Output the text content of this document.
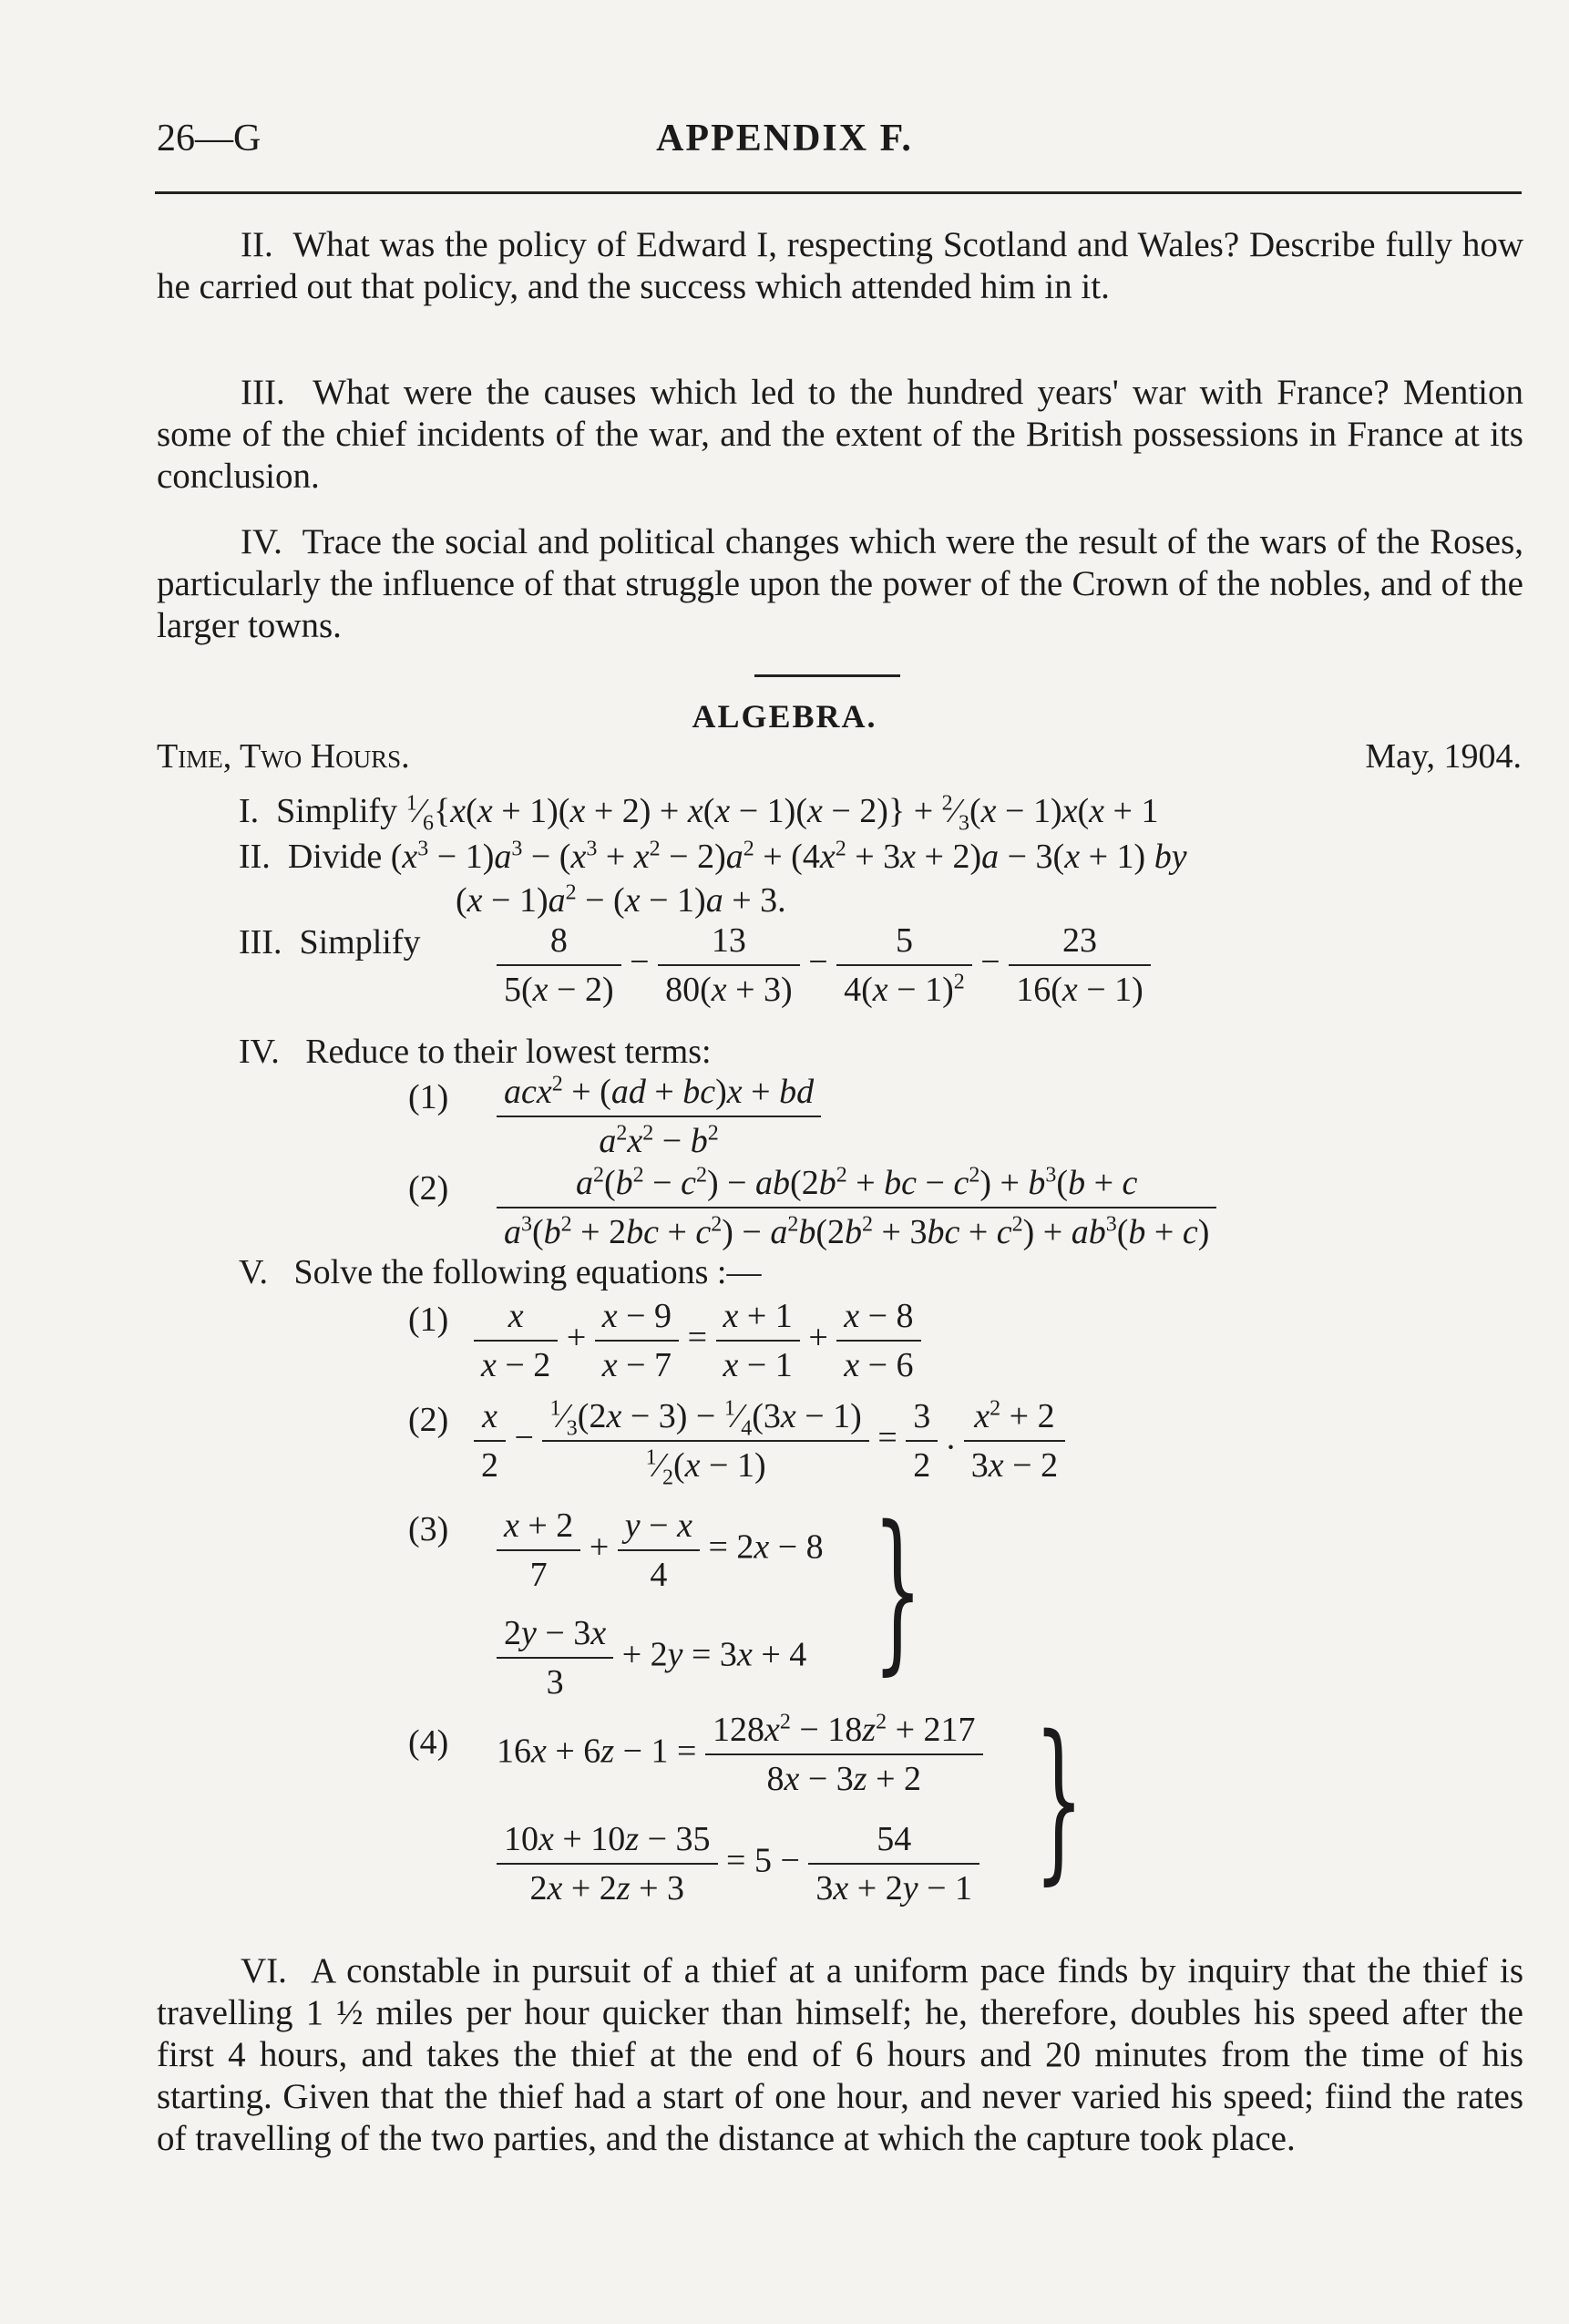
26—G	APPENDIX F.
II. What was the policy of Edward I, respecting Scotland and Wales? Describe fully how he carried out that policy, and the success which attended him in it.
III. What were the causes which led to the hundred years' war with France? Mention some of the chief incidents of the war, and the extent of the British possessions in France at its conclusion.
IV. Trace the social and political changes which were the result of the wars of the Roses, particularly the influence of that struggle upon the power of the Crown of the nobles, and of the larger towns.
ALGEBRA.
Time, Two Hours.	May, 1904.
I. Simplify $^1⁄_6\{x(x + 1)(x + 2) + x(x - 1)(x - 2)\}$ + $^2⁄_3(x - 1)x(x + 1$
II. Divide $(x^3 - 1)a^3 - (x^3 + x^2 - 2)a^2 + (4x^2 + 3x + 2)a - 3(x + 1)$ by
$(x - 1)a^2 - (x - 1)a + 3$.
III. Simplify $\frac{8}{5(x - 2)} - \frac{13}{80(x + 3)} - \frac{5}{4(x - 1)^2} - \frac{23}{16(x - 1)}$
IV. Reduce to their lowest terms:
$(1) \frac{acx^2 + (ad + bc)x + bd}{a^2x^2 - b^2}$
$(2) \frac{a^2(b^2 - c^2) - ab(2b^2 + bc - c^2) + b^3(b + c}{a^3(b^2 + 2bc + c^2) - a^2b(2b^2 + 3bc + c^2) + ab^3(b + c)}$
V. Solve the following equations :—
$(1) \frac{x}{x - 2} + \frac{x - 9}{x - 7} = \frac{x + 1}{x - 1} + \frac{x - 8}{x - 6}$
$(2) \frac{x}{2} - \frac{^1⁄_3(2x - 3) - ^1⁄_4(3x - 1)}{^1⁄_2(x - 1)} = \frac{3}{2}$ . $\frac{x^2 + 2}{3x - 2}$
$(3) \frac{x + 2}{7} + \frac{y - x}{4} = 2x - 8$
$\frac{2y - 3x}{3} + 2y = 3x + 4$ }
(4) $16x + 6z - 1 = \frac{128x^2 - 18z^2 + 217}{8x - 3z + 2}$
$\frac{10x + 10z - 35}{2x + 2z + 3} = 5 - \frac{54}{3x + 2y - 1}$ }
VI. A constable in pursuit of a thief at a uniform pace finds by inquiry that the thief is travelling 1 ½ miles per hour quicker than himself; he, therefore, doubles his speed after the first 4 hours, and takes the thief at the end of 6 hours and 20 minutes from the time of his starting. Given that the thief had a start of one hour, and never varied his speed; fiind the rates of travelling of the two parties, and the distance at which the capture took place.
